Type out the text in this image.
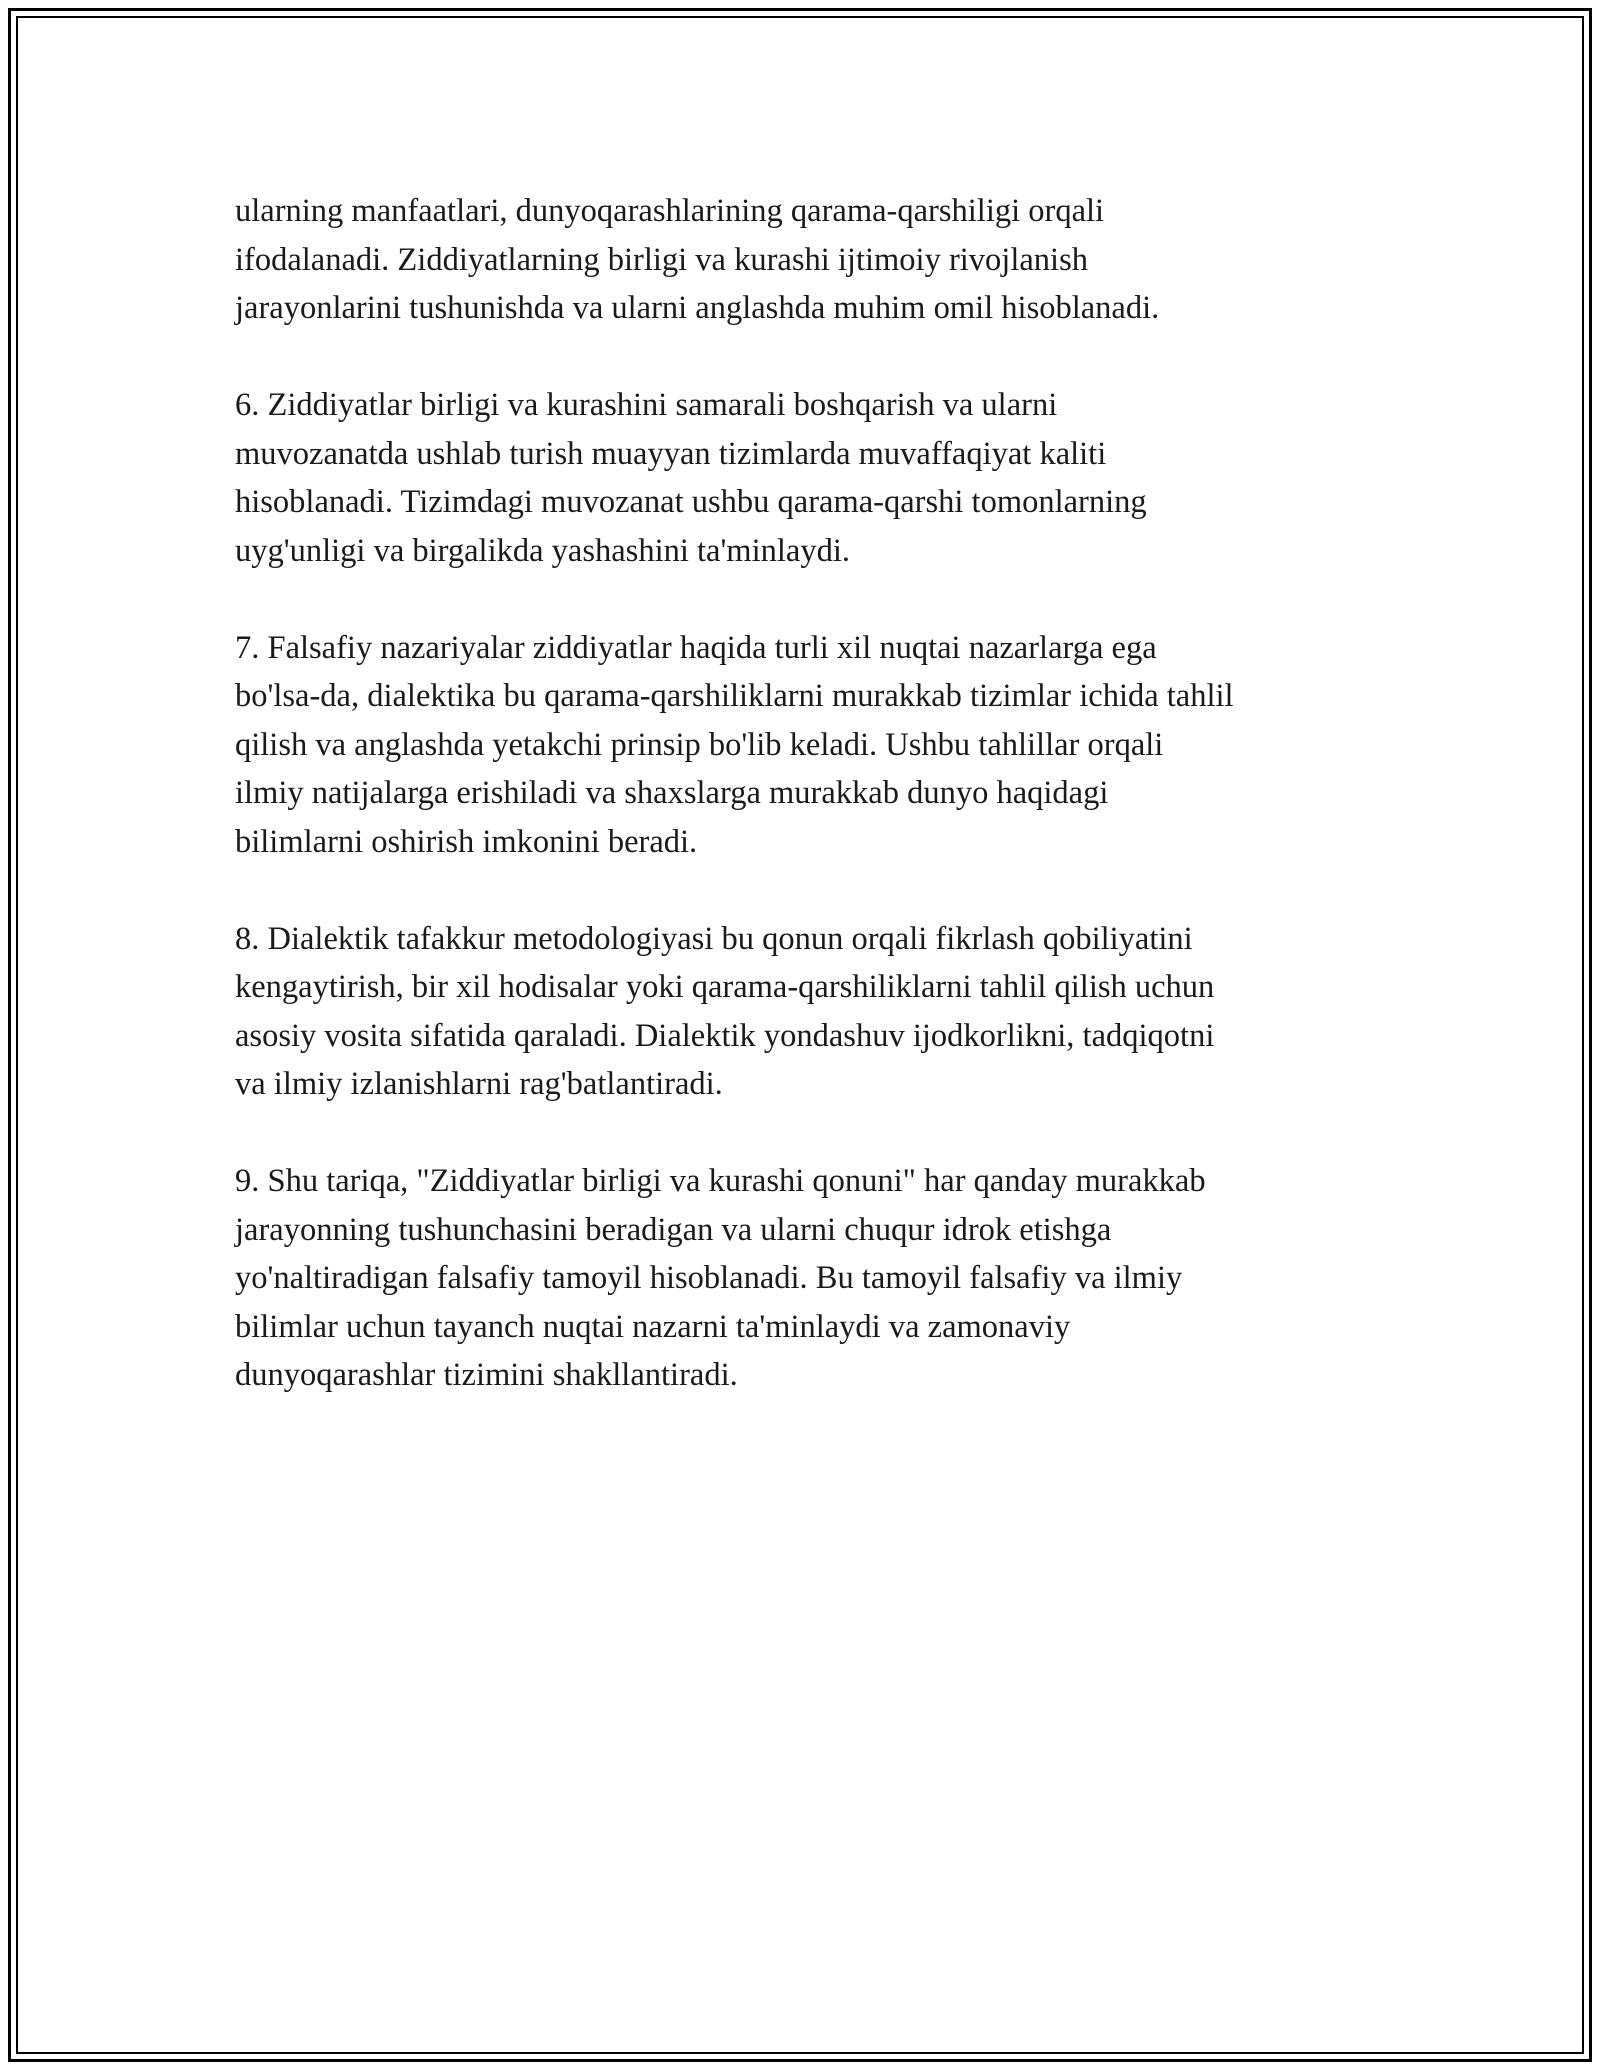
ularning manfaatlari, dunyoqarashlarining qarama-qarshiligi orqali
ifodalanadi. Ziddiyatlarning birligi va kurashi ijtimoiy rivojlanish
jarayonlarini tushunishda va ularni anglashda muhim omil hisoblanadi.

6. Ziddiyatlar birligi va kurashini samarali boshqarish va ularni
muvozanatda ushlab turish muayyan tizimlarda muvaffaqiyat kaliti
hisoblanadi. Tizimdagi muvozanat ushbu qarama-qarshi tomonlarning
uyg'unligi va birgalikda yashashini ta'minlaydi.

7. Falsafiy nazariyalar ziddiyatlar haqida turli xil nuqtai nazarlarga ega
bo'lsa-da, dialektika bu qarama-qarshiliklarni murakkab tizimlar ichida tahlil
qilish va anglashda yetakchi prinsip bo'lib keladi. Ushbu tahlillar orqali
ilmiy natijalarga erishiladi va shaxslarga murakkab dunyo haqidagi
bilimlarni oshirish imkonini beradi.

8. Dialektik tafakkur metodologiyasi bu qonun orqali fikrlash qobiliyatini
kengaytirish, bir xil hodisalar yoki qarama-qarshiliklarni tahlil qilish uchun
asosiy vosita sifatida qaraladi. Dialektik yondashuv ijodkorlikni, tadqiqotni
va ilmiy izlanishlarni rag'batlantiradi.

9. Shu tariqa, "Ziddiyatlar birligi va kurashi qonuni" har qanday murakkab
jarayonning tushunchasini beradigan va ularni chuqur idrok etishga
yo'naltiradigan falsafiy tamoyil hisoblanadi. Bu tamoyil falsafiy va ilmiy
bilimlar uchun tayanch nuqtai nazarni ta'minlaydi va zamonaviy
dunyoqarashlar tizimini shakllantiradi.
